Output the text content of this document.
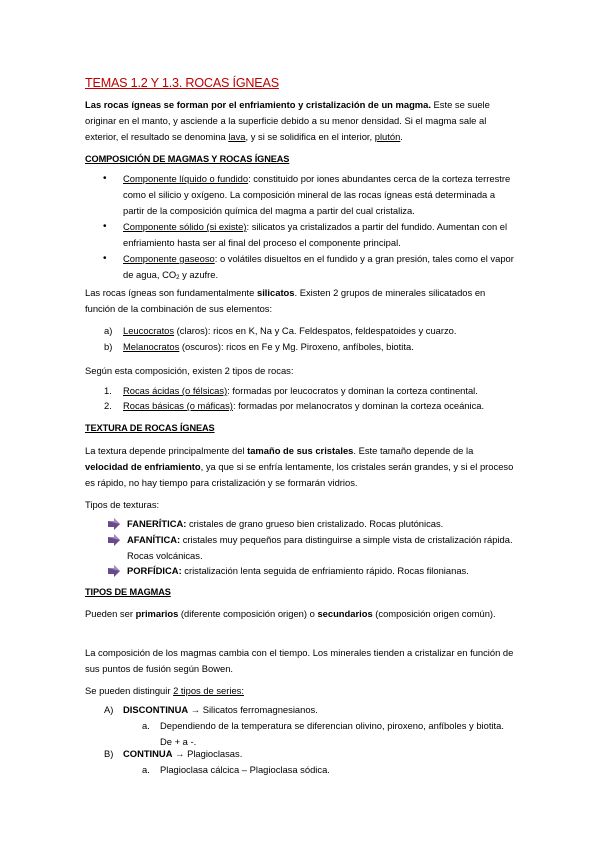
TEMAS 1.2 Y 1.3. ROCAS ÍGNEAS
Las rocas ígneas se forman por el enfriamiento y cristalización de un magma. Este se suele originar en el manto, y asciende a la superficie debido a su menor densidad. Si el magma sale al exterior, el resultado se denomina lava, y si se solidifica en el interior, plutón.
COMPOSICIÓN DE MAGMAS Y ROCAS ÍGNEAS
• Componente líquido o fundido: constituido por iones abundantes cerca de la corteza terrestre como el silicio y oxígeno. La composición mineral de las rocas ígneas está determinada a partir de la composición química del magma a partir del cual cristaliza.
• Componente sólido (si existe): silicatos ya cristalizados a partir del fundido. Aumentan con el enfriamiento hasta ser al final del proceso el componente principal.
• Componente gaseoso: o volátiles disueltos en el fundido y a gran presión, tales como el vapor de agua, $CO_2$ y azufre.
Las rocas ígneas son fundamentalmente silicatos. Existen 2 grupos de minerales silicatados en función de la combinación de sus elementos:
a) Leucocratos (claros): ricos en K, Na y Ca. Feldespatos, feldespatoides y cuarzo.
b) Melanocratos (oscuros): ricos en Fe y Mg. Piroxeno, anfíboles, biotita.
Según esta composición, existen 2 tipos de rocas:
1. Rocas ácidas (o félsicas): formadas por leucocratos y dominan la corteza continental.
2. Rocas básicas (o máficas): formadas por melanocratos y dominan la corteza oceánica.
TEXTURA DE ROCAS ÍGNEAS
La textura depende principalmente del tamaño de sus cristales. Este tamaño depende de la velocidad de enfriamiento, ya que si se enfría lentamente, los cristales serán grandes, y si el proceso es rápido, no hay tiempo para cristalización y se formarán vidrios.
Tipos de texturas:
FANERÍTICA: cristales de grano grueso bien cristalizado. Rocas plutónicas.
AFANÍTICA: cristales muy pequeños para distinguirse a simple vista de cristalización rápida. Rocas volcánicas.
PORFÍDICA: cristalización lenta seguida de enfriamiento rápido. Rocas filonianas.
TIPOS DE MAGMAS
Pueden ser primarios (diferente composición origen) o secundarios (composición origen común).
La composición de los magmas cambia con el tiempo. Los minerales tienden a cristalizar en función de sus puntos de fusión según Bowen.
Se pueden distinguir 2 tipos de series:
A) DISCONTINUA → Silicatos ferromagnesianos.
a. Dependiendo de la temperatura se diferencian olivino, piroxeno, anfíboles y biotita. De + a -.
B) CONTINUA → Plagioclasas.
a. Plagioclasa cálcica – Plagioclasa sódica.
